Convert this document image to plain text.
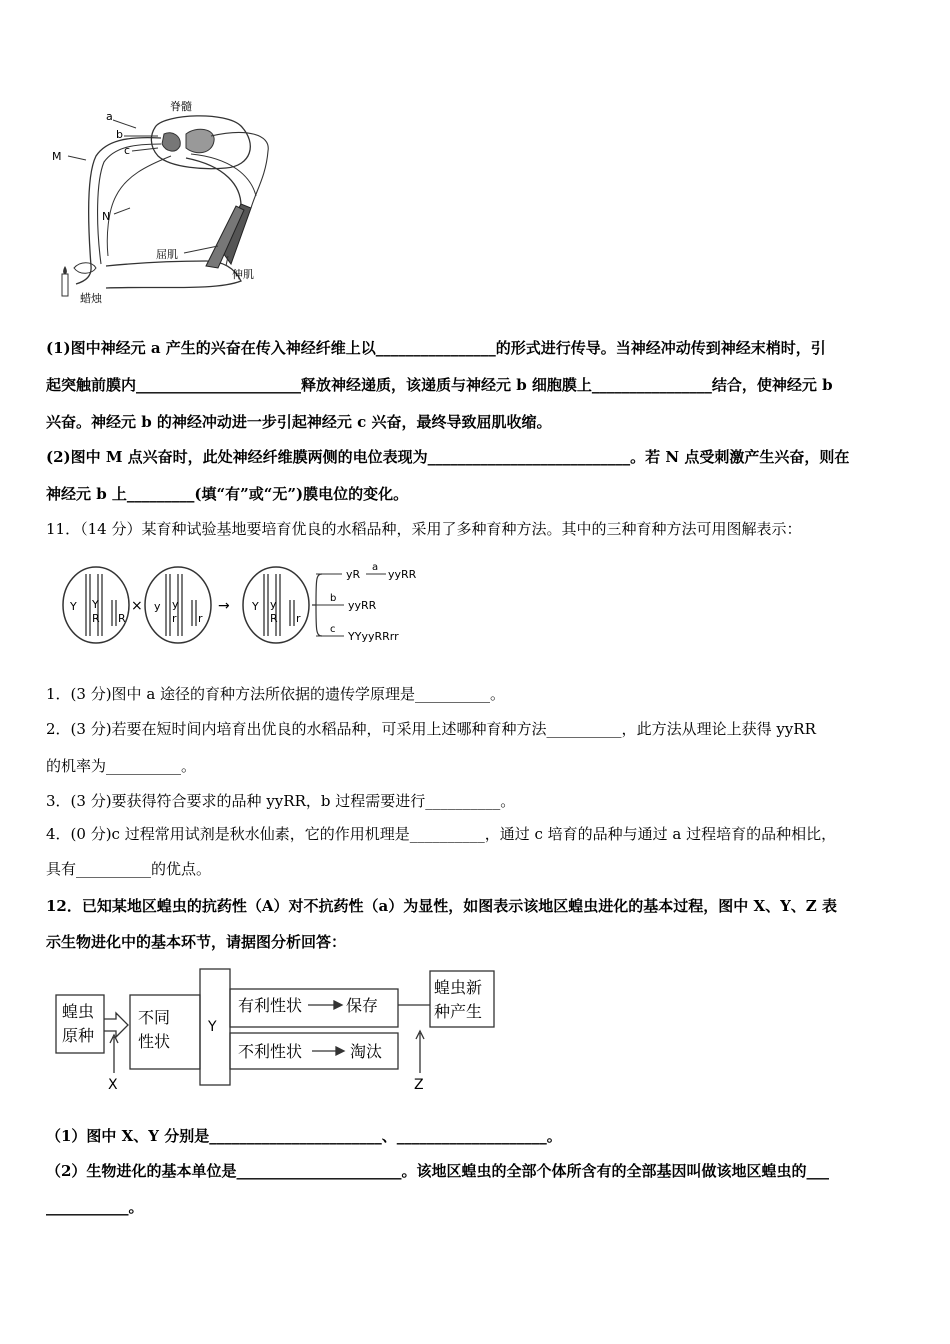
a
b
c
M
N
脊髓
屈肌
伸肌
蜡烛
(1)图中神经元 a 产生的兴奋在传入神经纤维上以________________的形式进行传导。当神经冲动传到神经末梢时，引
起突触前膜内______________________释放神经递质，该递质与神经元 b 细胞膜上________________结合，使神经元 b
兴奋。神经元 b 的神经冲动进一步引起神经元 c 兴奋，最终导致屈肌收缩。
(2)图中 M 点兴奋时，此处神经纤维膜两侧的电位表现为___________________________。若 N 点受刺激产生兴奋，则在
神经元 b 上_________(填“有”或“无”)膜电位的变化。
11．（14 分）某育种试验基地要培育优良的水稻品种，采用了多种育种方法。其中的三种育种方法可用图解表示：
Y Y
R R
× y y
r r
→ Y y
R r
b
c
yR
a
yyRR
yyRR
YYyyRRrr
1．(3 分)图中 a 途径的育种方法所依据的遗传学原理是__________。
2．(3 分)若要在短时间内培育出优良的水稻品种，可采用上述哪种育种方法__________，此方法从理论上获得 yyRR
的机率为__________。
3．(3 分)要获得符合要求的品种 yyRR，b 过程需要进行__________。
4．(0 分)c 过程常用试剂是秋水仙素，它的作用机理是__________，通过 c 培育的品种与通过 a 过程培育的品种相比，
具有__________的优点。
12．已知某地区蝗虫的抗药性（A）对不抗药性（a）为显性，如图表示该地区蝗虫进化的基本过程，图中 X、Y、Z 表
示生物进化中的基本环节，请据图分析回答：
蝗虫
原种
不同
性状
Y
有利性状	保存
不利性状	淘汰
蝗虫新
种产生
X	Z
（1）图中 X、Y 分别是_______________________、____________________。
（2）生物进化的基本单位是______________________。该地区蝗虫的全部个体所含有的全部基因叫做该地区蝗虫的___
___________。
